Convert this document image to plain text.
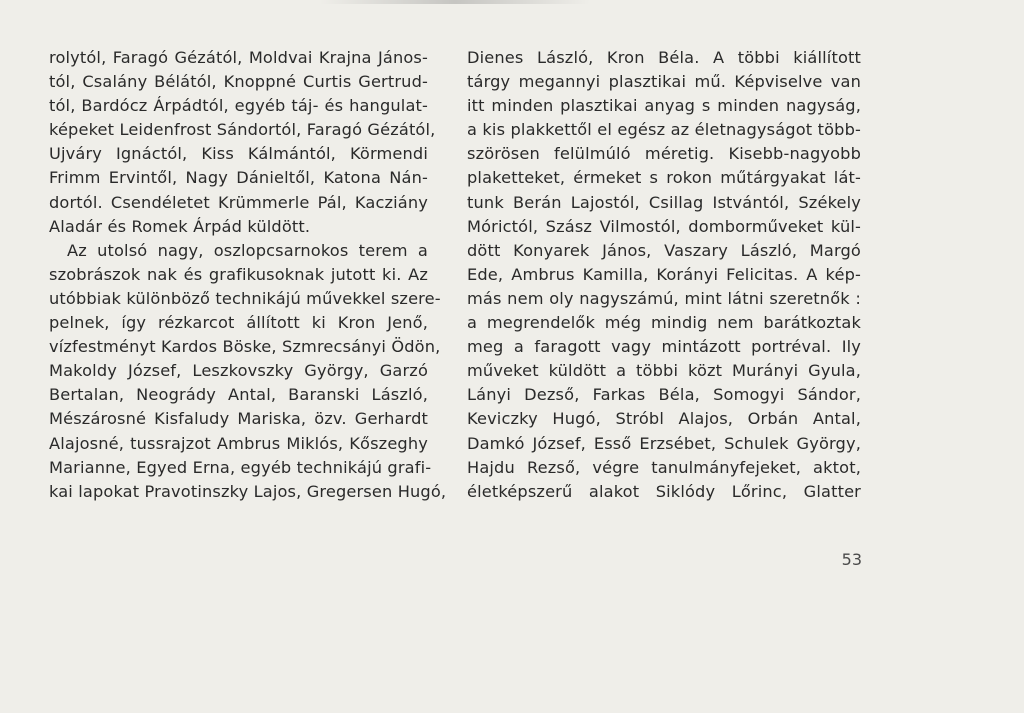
rolytól, Faragó Gézától, Moldvai Krajna János-
tól, Csalány Bélától, Knoppné Curtis Gertrud-
tól, Bardócz Árpádtól, egyéb táj- és hangulat-
képeket Leidenfrost Sándortól, Faragó Gézától,
Ujváry Ignáctól, Kiss Kálmántól, Körmendi
Frimm Ervintől, Nagy Dánieltől, Katona Nán-
dortól. Csendéletet Krümmerle Pál, Kacziány
Aladár és Romek Árpád küldött.
Az utolsó nagy, oszlopcsarnokos terem a
szobrászok nak és grafikusoknak jutott ki. Az
utóbbiak különböző technikájú művekkel szere-
pelnek, így rézkarcot állított ki Kron Jenő,
vízfestményt Kardos Böske, Szmrecsányi Ödön,
Makoldy József, Leszkovszky György, Garzó
Bertalan, Neogrády Antal, Baranski László,
Mészárosné Kisfaludy Mariska, özv. Gerhardt
Alajosné, tussrajzot Ambrus Miklós, Kőszeghy
Marianne, Egyed Erna, egyéb technikájú grafi-
kai lapokat Pravotinszky Lajos, Gregersen Hugó,
Dienes László, Kron Béla. A többi kiállított
tárgy megannyi plasztikai mű. Képviselve van
itt minden plasztikai anyag s minden nagyság,
a kis plakkettől el egész az életnagyságot több-
szörösen felülmúló méretig. Kisebb-nagyobb
plaketteket, érmeket s rokon műtárgyakat lát-
tunk Berán Lajostól, Csillag Istvántól, Székely
Mórictól, Szász Vilmostól, domborműveket kül-
dött Konyarek János, Vaszary László, Margó
Ede, Ambrus Kamilla, Korányi Felicitas. A kép-
más nem oly nagyszámú, mint látni szeretnők :
a megrendelők még mindig nem barátkoztak
meg a faragott vagy mintázott portréval. Ily
műveket küldött a többi közt Murányi Gyula,
Lányi Dezső, Farkas Béla, Somogyi Sándor,
Keviczky Hugó, Stróbl Alajos, Orbán Antal,
Damkó József, Esső Erzsébet, Schulek György,
Hajdu Rezső, végre tanulmányfejeket, aktot,
életképszerű alakot Siklódy Lőrinc, Glatter
53
